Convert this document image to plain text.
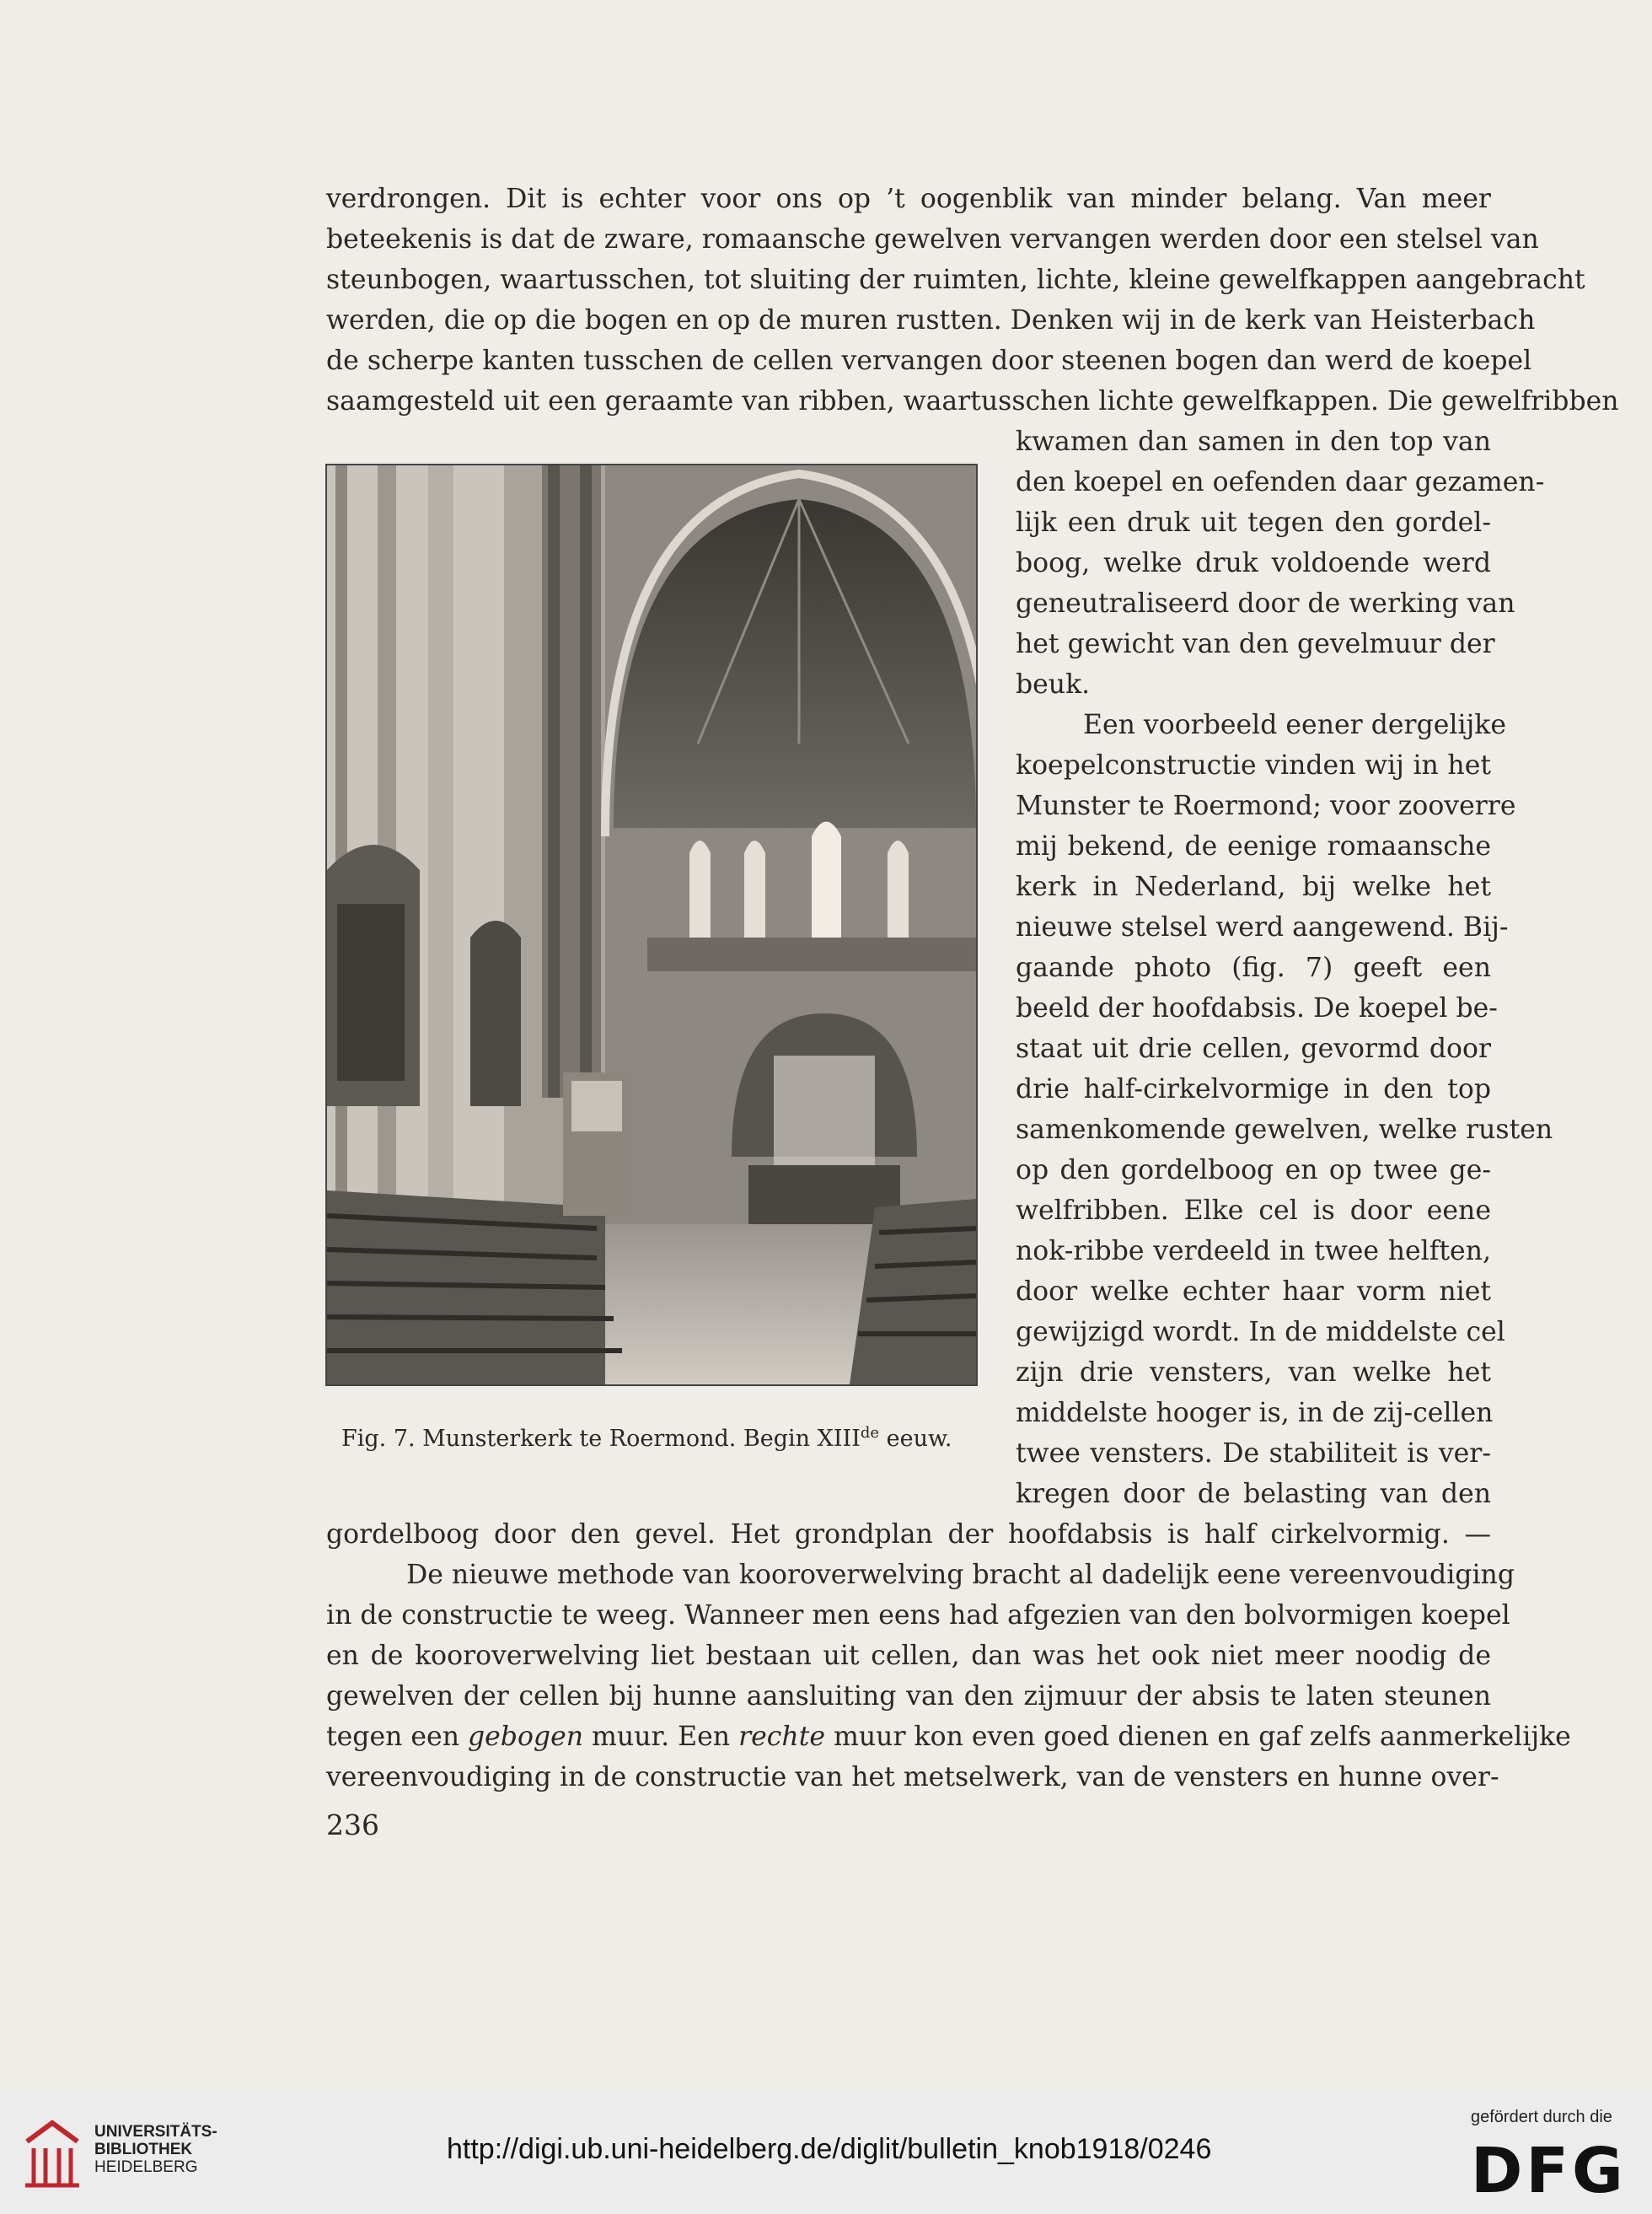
verdrongen. Dit is echter voor ons op ’t oogenblik van minder belang. Van meer
beteekenis is dat de zware, romaansche gewelven vervangen werden door een stelsel van
steunbogen, waartusschen, tot sluiting der ruimten, lichte, kleine gewelfkappen aangebracht
werden, die op die bogen en op de muren rustten. Denken wij in de kerk van Heisterbach
de scherpe kanten tusschen de cellen vervangen door steenen bogen dan werd de koepel
saamgesteld uit een geraamte van ribben, waartusschen lichte gewelfkappen. Die gewelfribben
kwamen dan samen in den top van
den koepel en oefenden daar gezamen-
lijk een druk uit tegen den gordel-
boog, welke druk voldoende werd
geneutraliseerd door de werking van
het gewicht van den gevelmuur der
beuk.
Een voorbeeld eener dergelijke
koepelconstructie vinden wij in het
Munster te Roermond; voor zooverre
mij bekend, de eenige romaansche
kerk in Nederland, bij welke het
nieuwe stelsel werd aangewend. Bij-
gaande photo (fig. 7) geeft een
beeld der hoofdabsis. De koepel be-
staat uit drie cellen, gevormd door
drie half-cirkelvormige in den top
samenkomende gewelven, welke rusten
op den gordelboog en op twee ge-
welfribben. Elke cel is door eene
nok-ribbe verdeeld in twee helften,
door welke echter haar vorm niet
gewijzigd wordt. In de middelste cel
zijn drie vensters, van welke het
middelste hooger is, in de zij-cellen
twee vensters. De stabiliteit is ver-
kregen door de belasting van den
gordelboog door den gevel. Het grondplan der hoofdabsis is half cirkelvormig. —
De nieuwe methode van kooroverwelving bracht al dadelijk eene vereenvoudiging
in de constructie te weeg. Wanneer men eens had afgezien van den bolvormigen koepel
en de kooroverwelving liet bestaan uit cellen, dan was het ook niet meer noodig de
gewelven der cellen bij hunne aansluiting van den zijmuur der absis te laten steunen
tegen een gebogen muur. Een rechte muur kon even goed dienen en gaf zelfs aanmerkelijke
vereenvoudiging in de constructie van het metselwerk, van de vensters en hunne over-
Fig. 7. Munsterkerk te Roermond. Begin XIIIde eeuw.
236
UNIVERSITÄTS-
BIBLIOTHEK
HEIDELBERG
http://digi.ub.uni-heidelberg.de/diglit/bulletin_knob1918/0246
gefördert durch die
DFG
